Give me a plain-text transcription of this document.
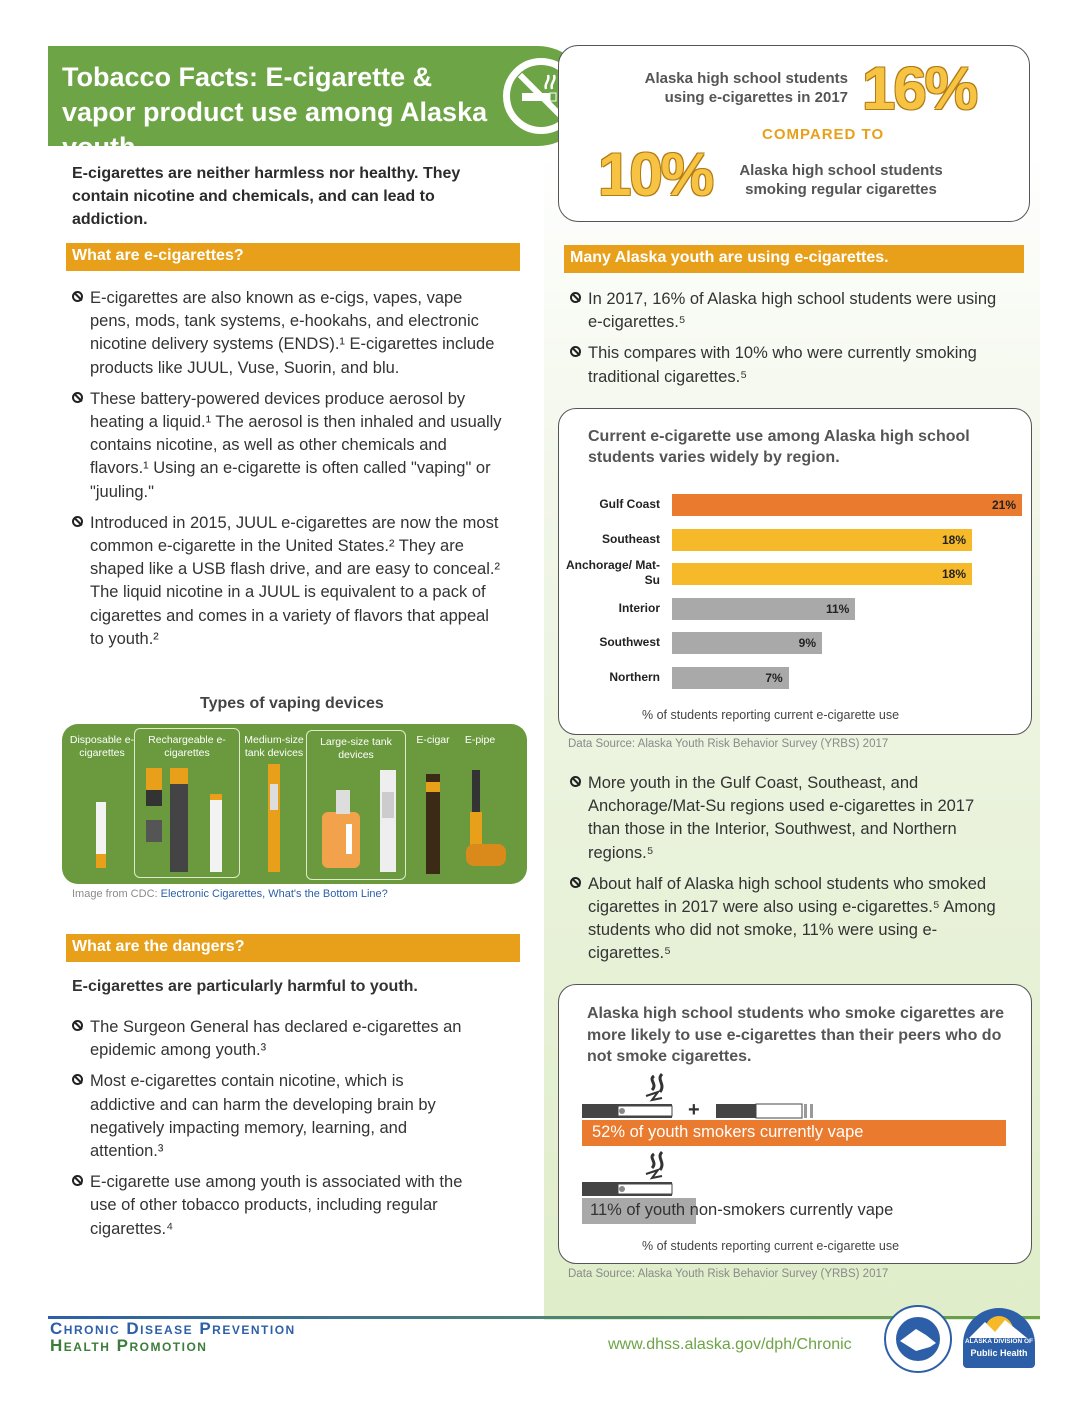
Tobacco Facts: E-cigarette & vapor product use among Alaska youth
Alaska high school students using e-cigarettes in 2017 16%
COMPARED TO
10%	Alaska high school students smoking regular cigarettes
E-cigarettes are neither harmless nor healthy. They contain nicotine and chemicals, and can lead to addiction.
What are e-cigarettes?
E-cigarettes are also known as e-cigs, vapes, vape pens, mods, tank systems, e-hookahs, and electronic nicotine delivery systems (ENDS).¹ E-cigarettes include products like JUUL, Vuse, Suorin, and blu.
These battery-powered devices produce aerosol by heating a liquid.¹ The aerosol is then inhaled and usually contains nicotine, as well as other chemicals and flavors.¹ Using an e-cigarette is often called "vaping" or "juuling."
Introduced in 2015, JUUL e-cigarettes are now the most common e-cigarette in the United States.² They are shaped like a USB flash drive, and are easy to conceal.² The liquid nicotine in a JUUL is equivalent to a pack of cigarettes and comes in a variety of flavors that appeal to youth.²
Types of vaping devices
Disposable e-cigarettes
Rechargeable e-cigarettes
Medium-size tank devices
Large-size tank devices
E-cigar	E-pipe
Image from CDC: Electronic Cigarettes, What's the Bottom Line?
What are the dangers?
E-cigarettes are particularly harmful to youth.
The Surgeon General has declared e-cigarettes an epidemic among youth.³
Most e-cigarettes contain nicotine, which is addictive and can harm the developing brain by negatively impacting memory, learning, and attention.³
E-cigarette use among youth is associated with the use of other tobacco products, including regular cigarettes.⁴
Many Alaska youth are using e-cigarettes.
In 2017, 16% of Alaska high school students were using e-cigarettes.⁵
This compares with 10% who were currently smoking traditional cigarettes.⁵
Current e-cigarette use among Alaska high school students varies widely by region.
Gulf Coast	21%
Southeast	18%
Anchorage/ Mat-Su	18%
Interior	11%
Southwest	9%
Northern	7%
% of students reporting current e-cigarette use
Data Source: Alaska Youth Risk Behavior Survey (YRBS) 2017
More youth in the Gulf Coast, Southeast, and Anchorage/Mat-Su regions used e-cigarettes in 2017 than those in the Interior, Southwest, and Northern regions.⁵
About half of Alaska high school students who smoked cigarettes in 2017 were also using e-cigarettes.⁵ Among students who did not smoke, 11% were using e-cigarettes.⁵
Alaska high school students who smoke cigarettes are more likely to use e-cigarettes than their peers who do not smoke cigarettes.
+
52% of youth smokers currently vape
11% of youth non-smokers currently vape
% of students reporting current e-cigarette use
Data Source: Alaska Youth Risk Behavior Survey (YRBS) 2017
Chronic Disease Prevention
Health Promotion	www.dhss.alaska.gov/dph/Chronic	ALASKA DIVISION OF
Public Health
